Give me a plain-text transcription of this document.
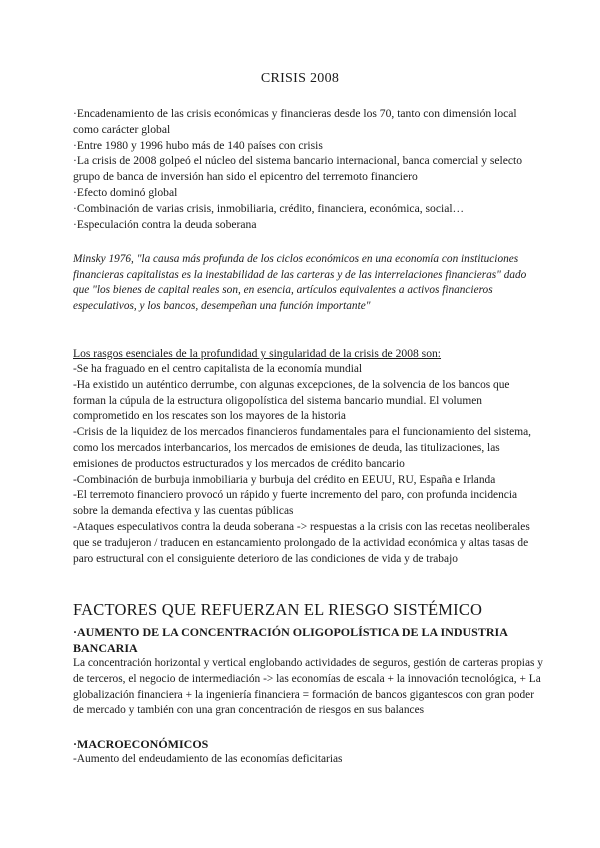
CRISIS 2008
·Encadenamiento de las crisis económicas y financieras desde los 70, tanto con dimensión local como carácter global
·Entre 1980 y 1996 hubo más de 140 países con crisis
·La crisis de 2008 golpeó el núcleo del sistema bancario internacional, banca comercial y selecto grupo de banca de inversión han sido el epicentro del terremoto financiero
·Efecto dominó global
·Combinación de varias crisis, inmobiliaria, crédito, financiera, económica, social…
·Especulación contra la deuda soberana
Minsky 1976, "la causa más profunda de los ciclos económicos en una economía con instituciones financieras capitalistas es la inestabilidad de las carteras y de las interrelaciones financieras" dado que "los bienes de capital reales son, en esencia, artículos equivalentes a activos financieros especulativos, y los bancos, desempeñan una función importante"
Los rasgos esenciales de la profundidad y singularidad de la crisis de 2008 son:
-Se ha fraguado en el centro capitalista de la economía mundial
-Ha existido un auténtico derrumbe, con algunas excepciones, de la solvencia de los bancos que forman la cúpula de la estructura oligopolística del sistema bancario mundial. El volumen comprometido en los rescates son los mayores de la historia
-Crisis de la liquidez de los mercados financieros fundamentales para el funcionamiento del sistema, como los mercados interbancarios, los mercados de emisiones de deuda, las titulizaciones, las emisiones de productos estructurados y los mercados de crédito bancario
-Combinación de burbuja inmobiliaria y burbuja del crédito en EEUU, RU, España e Irlanda
-El terremoto financiero provocó un rápido y fuerte incremento del paro, con profunda incidencia sobre la demanda efectiva y las cuentas públicas
-Ataques especulativos contra la deuda soberana -> respuestas a la crisis con las recetas neoliberales que se tradujeron / traducen en estancamiento prolongado de la actividad económica y altas tasas de paro estructural con el consiguiente deterioro de las condiciones de vida y de trabajo
FACTORES QUE REFUERZAN EL RIESGO SISTÉMICO
·AUMENTO DE LA CONCENTRACIÓN OLIGOPOLÍSTICA DE LA INDUSTRIA BANCARIA
La concentración horizontal y vertical englobando actividades de seguros, gestión de carteras propias y de terceros, el negocio de intermediación -> las economías de escala + la innovación tecnológica, + La globalización financiera + la ingeniería financiera = formación de bancos gigantescos con gran poder de mercado y también con una gran concentración de riesgos en sus balances
·MACROECONÓMICOS
-Aumento del endeudamiento de las economías deficitarias
